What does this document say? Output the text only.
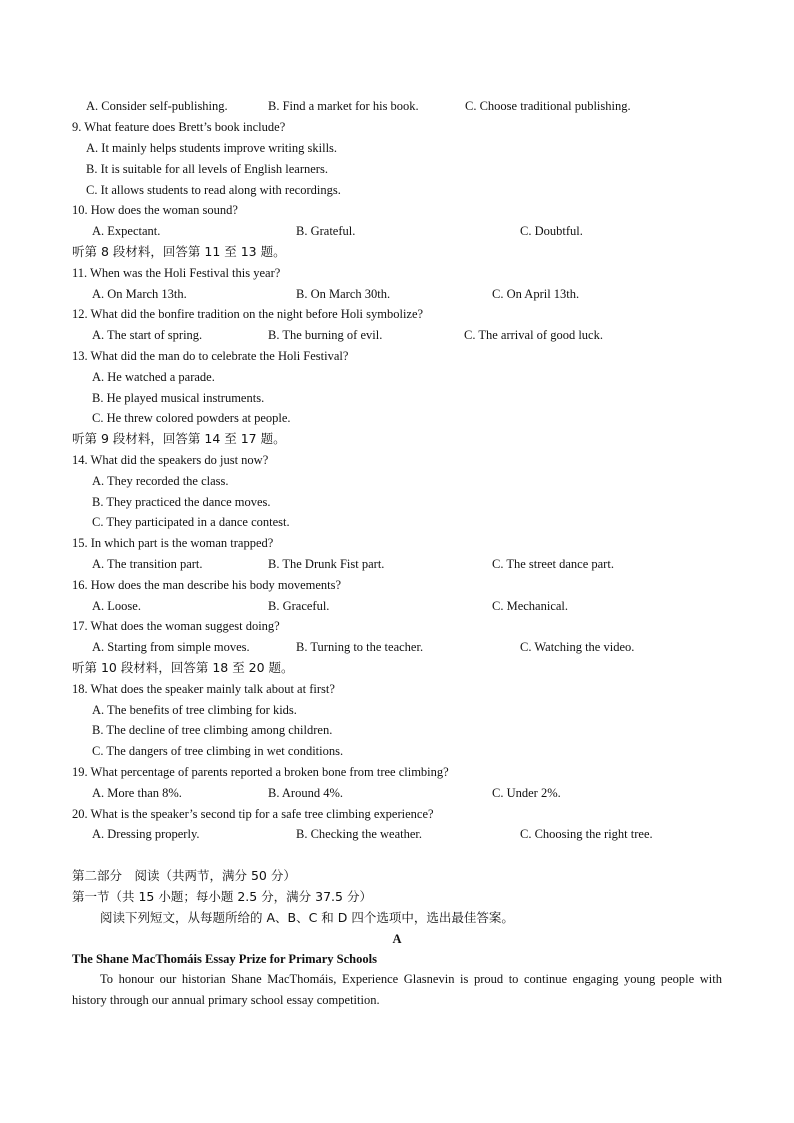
A. Consider self-publishing.	B. Find a market for his book.	C. Choose traditional publishing.
9. What feature does Brett’s book include?
A. It mainly helps students improve writing skills.
B. It is suitable for all levels of English learners.
C. It allows students to read along with recordings.
10. How does the woman sound?
A. Expectant.	B. Grateful.	C. Doubtful.
听第 8 段材料，回答第 11 至 13 题。
11. When was the Holi Festival this year?
A. On March 13th.	B. On March 30th.	C. On April 13th.
12. What did the bonfire tradition on the night before Holi symbolize?
A. The start of spring.	B. The burning of evil.	C. The arrival of good luck.
13. What did the man do to celebrate the Holi Festival?
A. He watched a parade.
B. He played musical instruments.
C. He threw colored powders at people.
听第 9 段材料，回答第 14 至 17 题。
14. What did the speakers do just now?
A. They recorded the class.
B. They practiced the dance moves.
C. They participated in a dance contest.
15. In which part is the woman trapped?
A. The transition part.	B. The Drunk Fist part.	C. The street dance part.
16. How does the man describe his body movements?
A. Loose.	B. Graceful.	C. Mechanical.
17. What does the woman suggest doing?
A. Starting from simple moves.	B. Turning to the teacher.	C. Watching the video.
听第 10 段材料，回答第 18 至 20 题。
18. What does the speaker mainly talk about at first?
A. The benefits of tree climbing for kids.
B. The decline of tree climbing among children.
C. The dangers of tree climbing in wet conditions.
19. What percentage of parents reported a broken bone from tree climbing?
A. More than 8%.	B. Around 4%.	C. Under 2%.
20. What is the speaker’s second tip for a safe tree climbing experience?
A. Dressing properly.	B. Checking the weather.	C. Choosing the right tree.
第二部分　阅读（共两节，满分 50 分）
第一节（共 15 小题；每小题 2.5 分，满分 37.5 分）
阅读下列短文，从每题所给的 A、B、C 和 D 四个选项中，选出最佳答案。
A
The Shane MacThomáis Essay Prize for Primary Schools
To honour our historian Shane MacThomáis, Experience Glasnevin is proud to continue engaging young people with history through our annual primary school essay competition.
